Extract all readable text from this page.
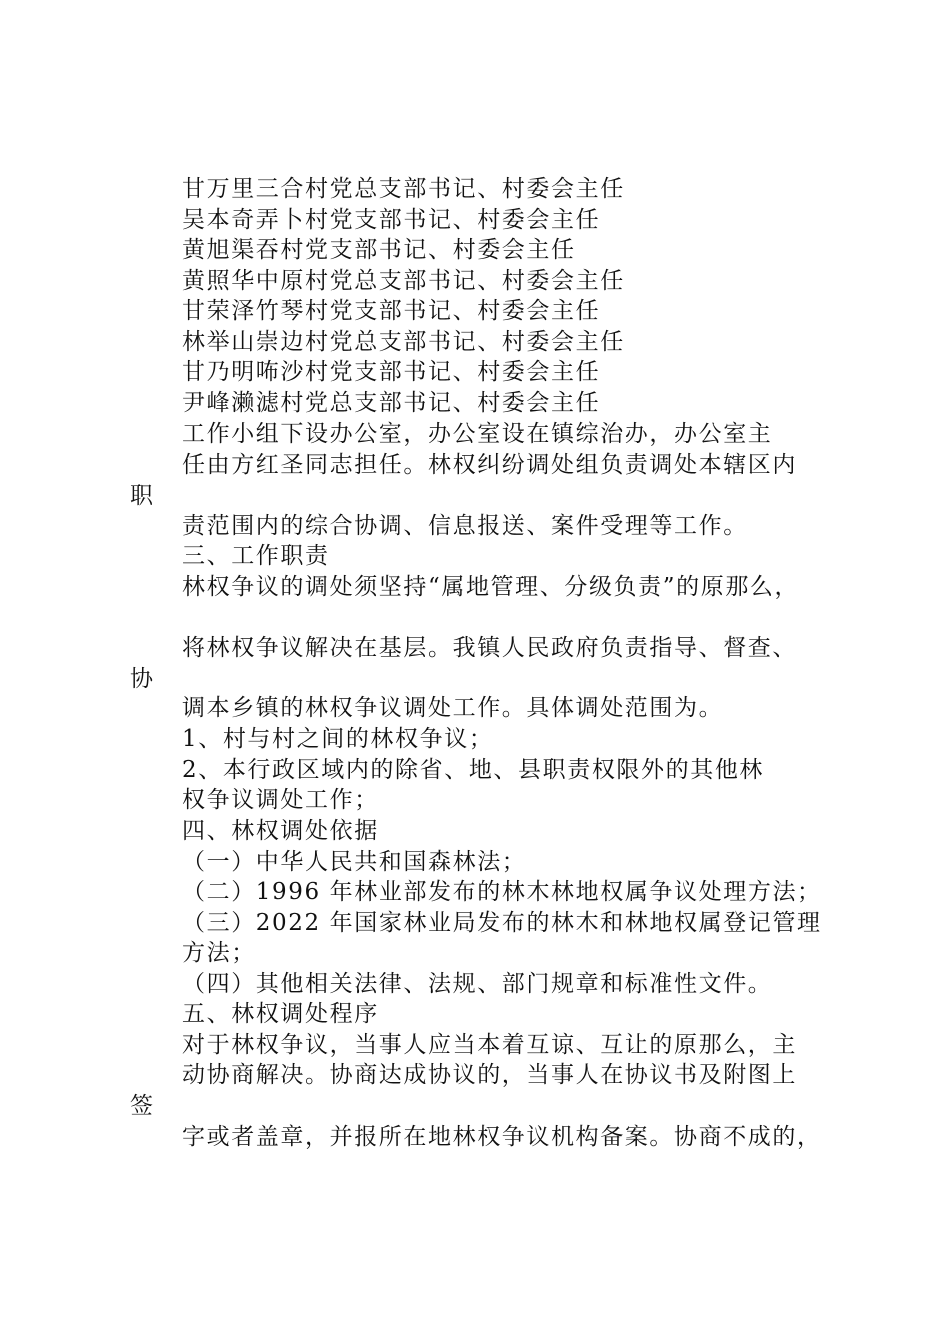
甘万里三合村党总支部书记、村委会主任
吴本奇弄卜村党支部书记、村委会主任
黄旭渠吞村党支部书记、村委会主任
黄照华中原村党总支部书记、村委会主任
甘荣泽竹琴村党支部书记、村委会主任
林举山崇边村党总支部书记、村委会主任
甘乃明咘沙村党支部书记、村委会主任
尹峰濑滤村党总支部书记、村委会主任
工作小组下设办公室，办公室设在镇综治办，办公室主
任由方红圣同志担任。林权纠纷调处组负责调处本辖区内
职
责范围内的综合协调、信息报送、案件受理等工作。
三、工作职责
林权争议的调处须坚持“属地管理、分级负责”的原那么，
将林权争议解决在基层。我镇人民政府负责指导、督查、
协
调本乡镇的林权争议调处工作。具体调处范围为。
1、村与村之间的林权争议；
2、本行政区域内的除省、地、县职责权限外的其他林
权争议调处工作；
四、林权调处依据
（一）中华人民共和国森林法；
（二）1996 年林业部发布的林木林地权属争议处理方法；
（三）2022 年国家林业局发布的林木和林地权属登记管理
方法；
（四）其他相关法律、法规、部门规章和标准性文件。
五、林权调处程序
对于林权争议，当事人应当本着互谅、互让的原那么，主
动协商解决。协商达成协议的，当事人在协议书及附图上
签
字或者盖章，并报所在地林权争议机构备案。协商不成的，
